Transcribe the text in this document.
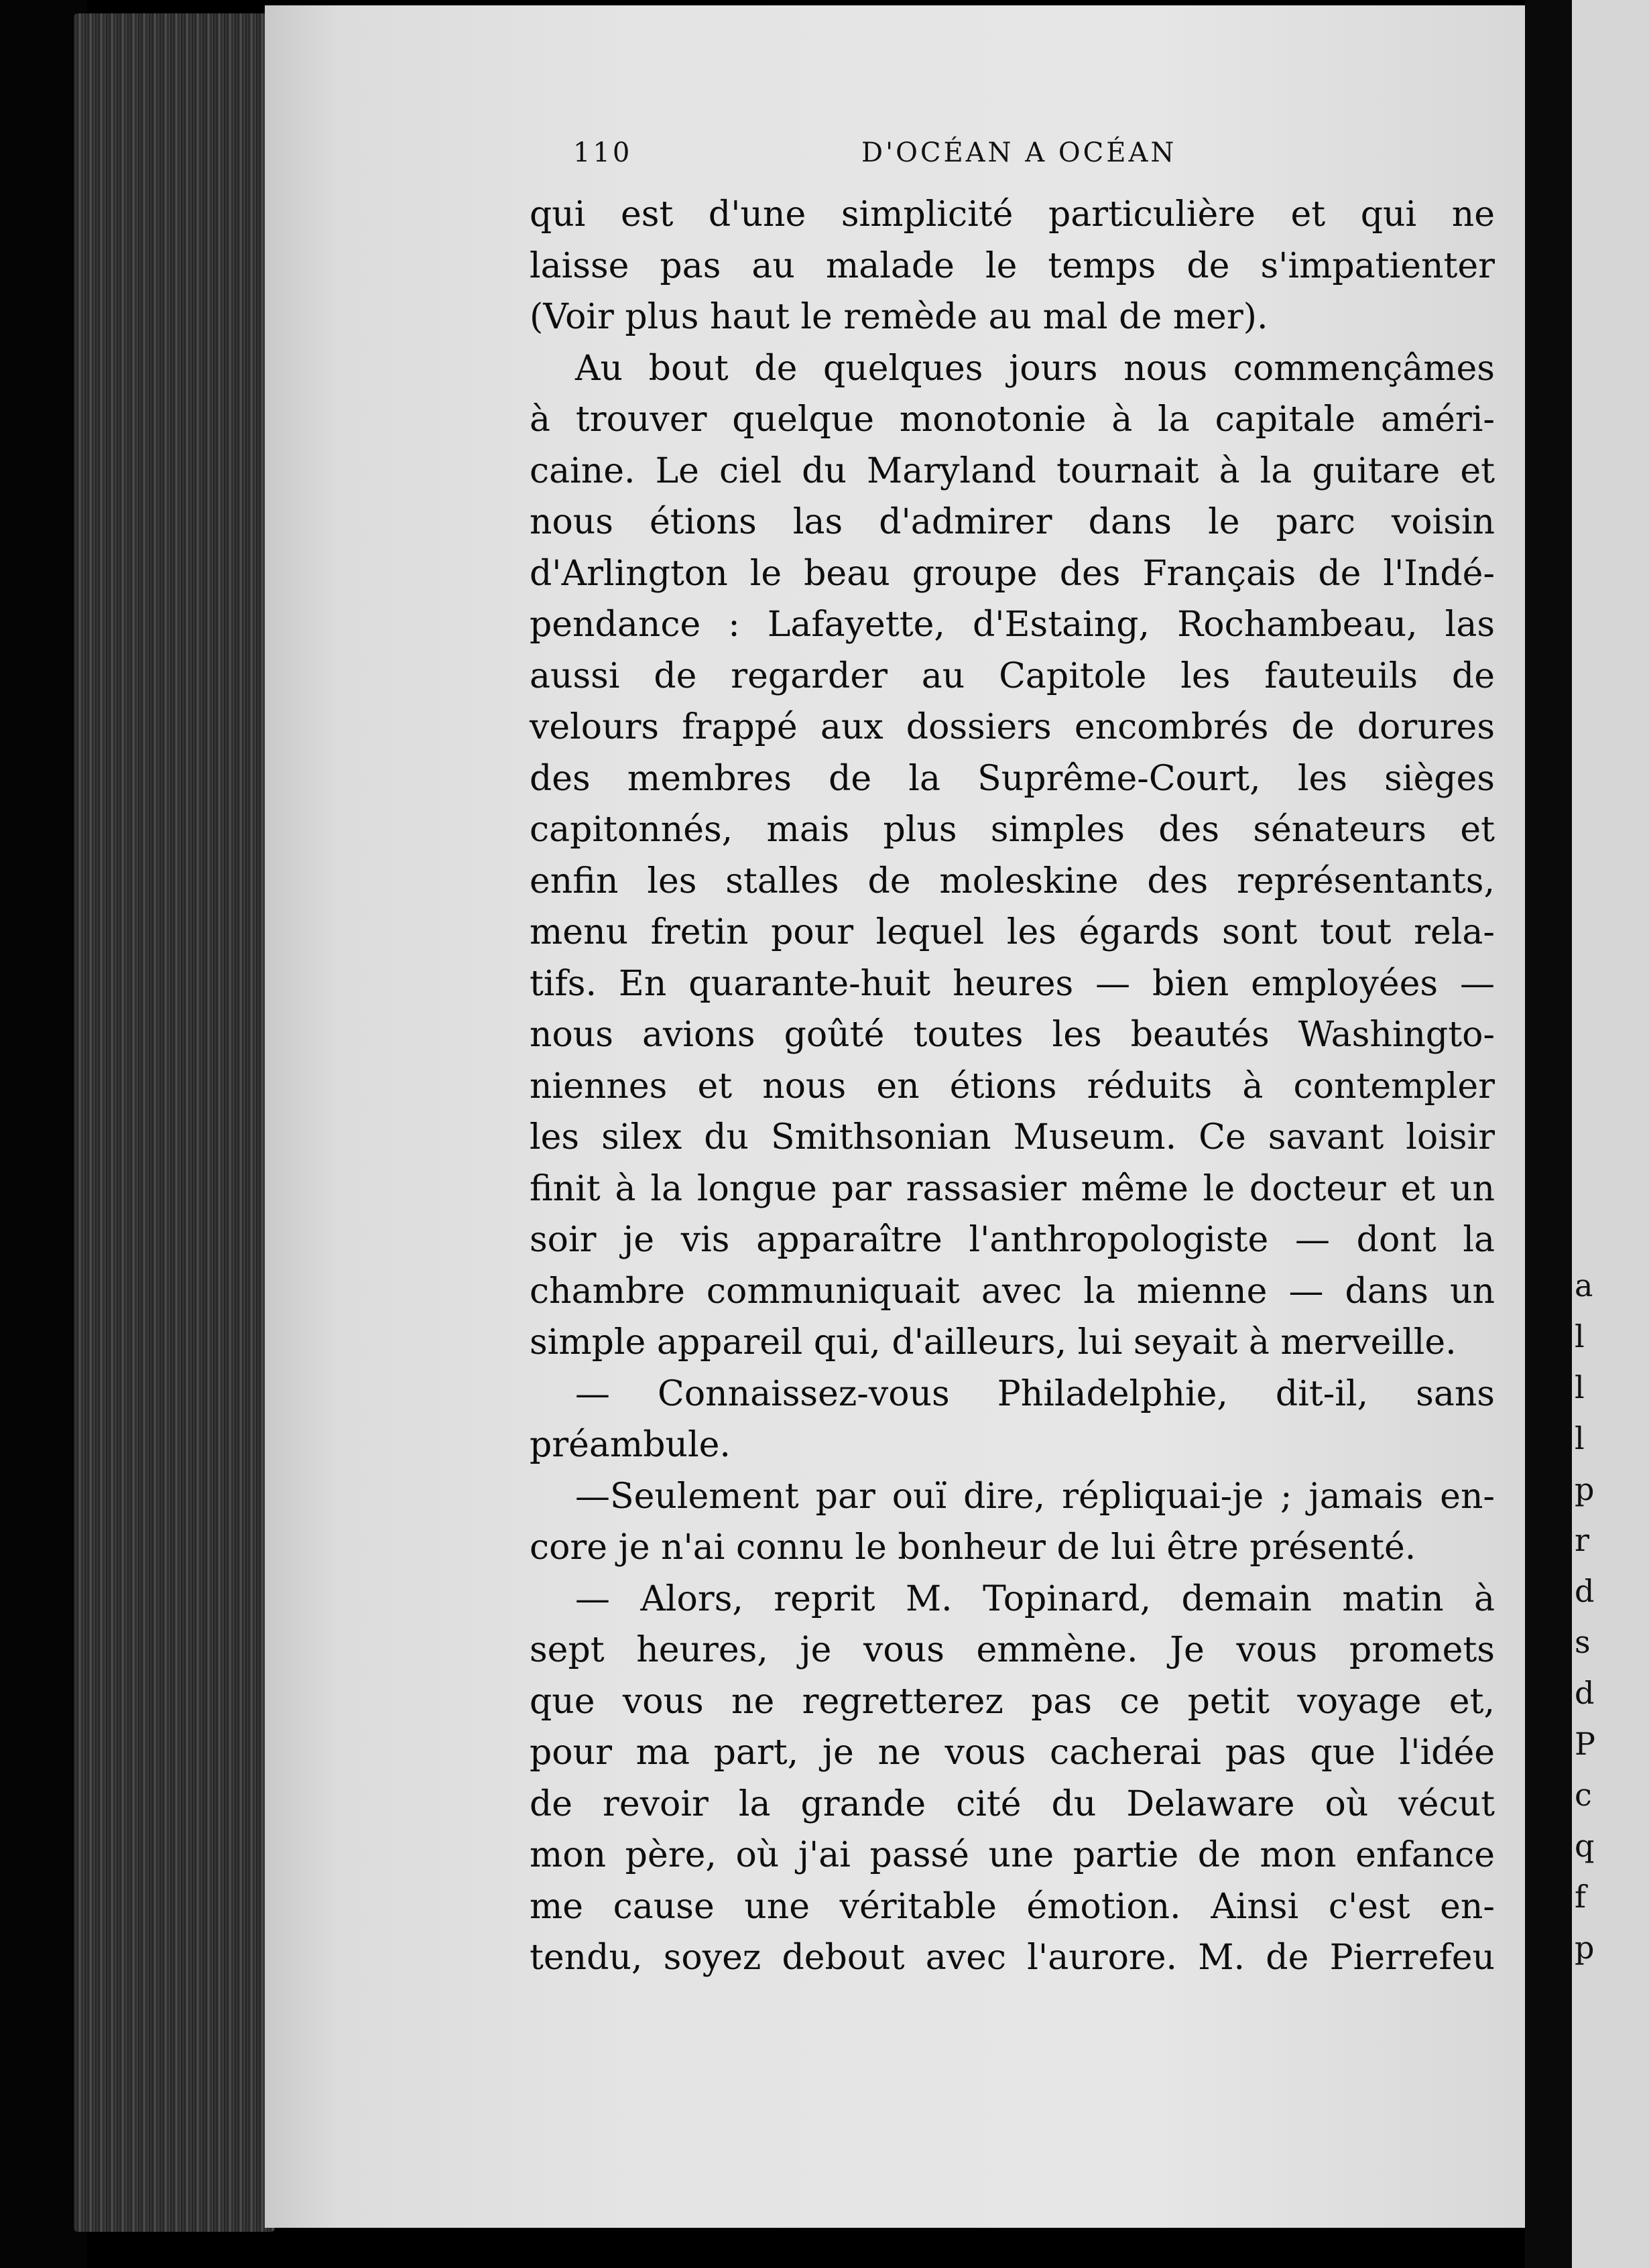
110	D'OCÉAN A OCÉAN
qui est d'une simplicité particulière et qui ne
laisse pas au malade le temps de s'impatienter
(Voir plus haut le remède au mal de mer).
Au bout de quelques jours nous commençâmes
à trouver quelque monotonie à la capitale améri-
caine. Le ciel du Maryland tournait à la guitare et
nous étions las d'admirer dans le parc voisin
d'Arlington le beau groupe des Français de l'Indé-
pendance : Lafayette, d'Estaing, Rochambeau, las
aussi de regarder au Capitole les fauteuils de
velours frappé aux dossiers encombrés de dorures
des membres de la Suprême-Court, les sièges
capitonnés, mais plus simples des sénateurs et
enfin les stalles de moleskine des représentants,
menu fretin pour lequel les égards sont tout rela-
tifs. En quarante-huit heures — bien employées —
nous avions goûté toutes les beautés Washingto-
niennes et nous en étions réduits à contempler
les silex du Smithsonian Museum. Ce savant loisir
finit à la longue par rassasier même le docteur et un
soir je vis apparaître l'anthropologiste — dont la
chambre communiquait avec la mienne — dans un
simple appareil qui, d'ailleurs, lui seyait à merveille.
— Connaissez-vous Philadelphie, dit-il, sans
préambule.
—Seulement par ouï dire, répliquai-je ; jamais en-
core je n'ai connu le bonheur de lui être présenté.
— Alors, reprit M. Topinard, demain matin à
sept heures, je vous emmène. Je vous promets
que vous ne regretterez pas ce petit voyage et,
pour ma part, je ne vous cacherai pas que l'idée
de revoir la grande cité du Delaware où vécut
mon père, où j'ai passé une partie de mon enfance
me cause une véritable émotion. Ainsi c'est en-
tendu, soyez debout avec l'aurore. M. de Pierrefeu
a
l
l
l
p
r
d
s
d
P
c
q
f
p
